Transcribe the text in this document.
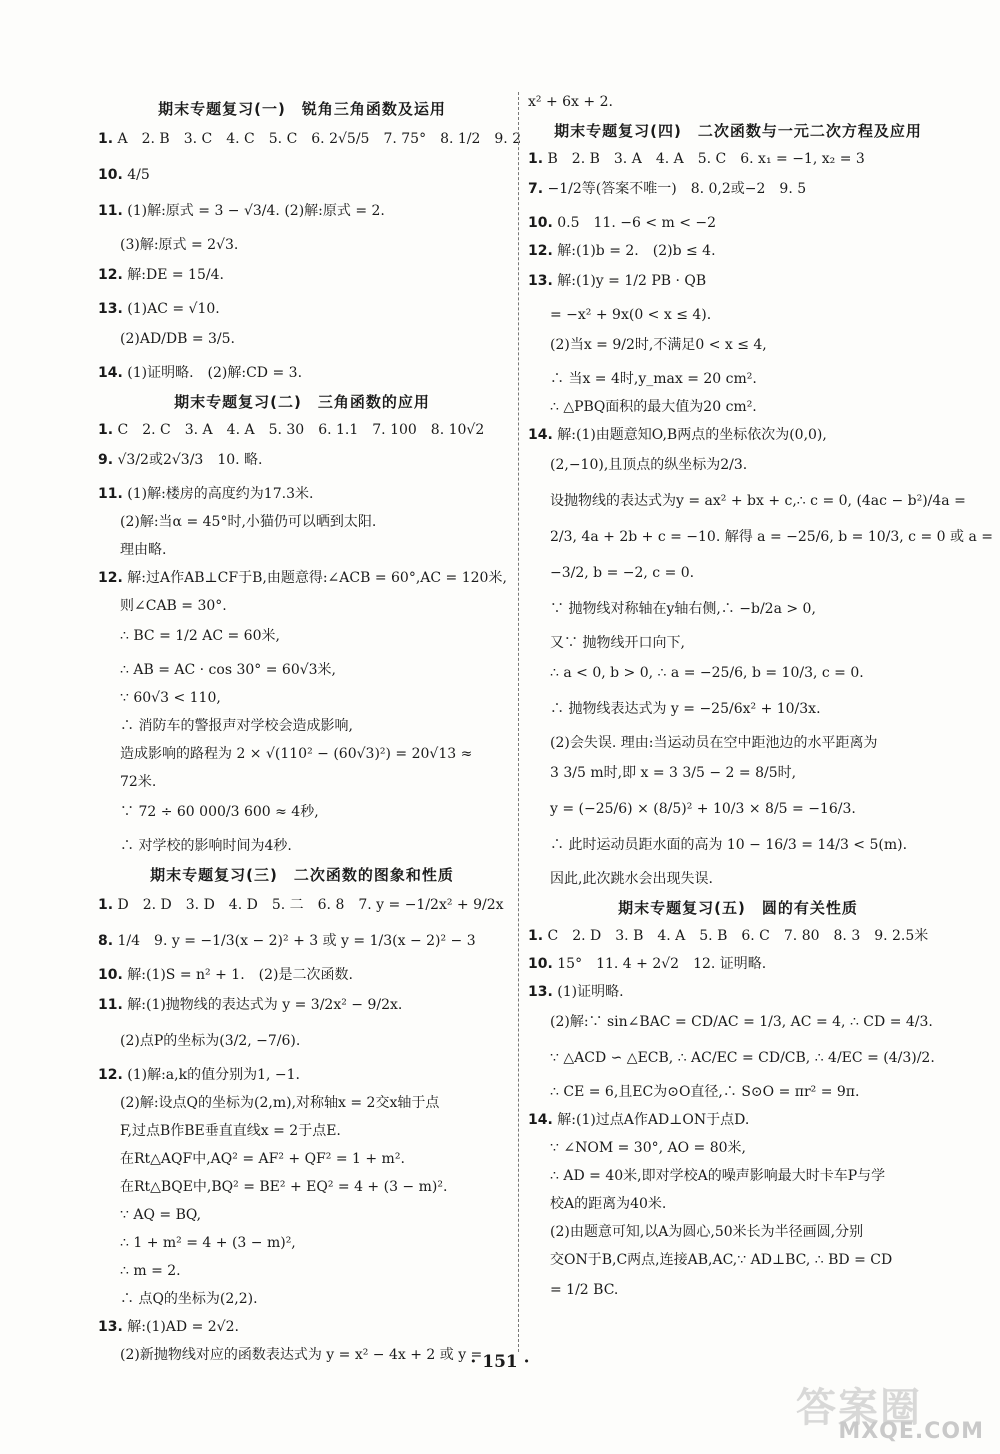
期末专题复习(一)　锐角三角函数及运用
1. A　2. B　3. C　4. C　5. C　6. 2√5/5　7. 75°　8. 1/2　9. 2
10. 4/5
11. (1)解:原式 = 3 − √3/4. (2)解:原式 = 2.
(3)解:原式 = 2√3.
12. 解:DE = 15/4.
13. (1)AC = √10.
(2)AD/DB = 3/5.
14. (1)证明略.　(2)解:CD = 3.
期末专题复习(二)　三角函数的应用
1. C　2. C　3. A　4. A　5. 30　6. 1.1　7. 100　8. 10√2
9. √3/2或2√3/3　10. 略.
11. (1)解:楼房的高度约为17.3米.
(2)解:当α = 45°时,小猫仍可以晒到太阳.
理由略.
12. 解:过A作AB⊥CF于B,由题意得:∠ACB = 60°,AC = 120米,
则∠CAB = 30°.
∴ BC = 1/2 AC = 60米,
∴ AB = AC · cos 30° = 60√3米,
∵ 60√3 < 110,
∴ 消防车的警报声对学校会造成影响,
造成影响的路程为 2 × √(110² − (60√3)²) = 20√13 ≈
72米.
∵ 72 ÷ 60 000/3 600 ≈ 4秒,
∴ 对学校的影响时间为4秒.
期末专题复习(三)　二次函数的图象和性质
1. D　2. D　3. D　4. D　5. 二　6. 8　7. y = −1/2x² + 9/2x
8. 1/4　9. y = −1/3(x − 2)² + 3 或 y = 1/3(x − 2)² − 3
10. 解:(1)S = n² + 1.　(2)是二次函数.
11. 解:(1)抛物线的表达式为 y = 3/2x² − 9/2x.
(2)点P的坐标为(3/2, −7/6).
12. (1)解:a,k的值分别为1, −1.
(2)解:设点Q的坐标为(2,m),对称轴x = 2交x轴于点
F,过点B作BE垂直直线x = 2于点E.
在Rt△AQF中,AQ² = AF² + QF² = 1 + m².
在Rt△BQE中,BQ² = BE² + EQ² = 4 + (3 − m)².
∵ AQ = BQ,
∴ 1 + m² = 4 + (3 − m)²,
∴ m = 2.
∴ 点Q的坐标为(2,2).
13. 解:(1)AD = 2√2.
(2)新抛物线对应的函数表达式为 y = x² − 4x + 2 或 y =
x² + 6x + 2.
期末专题复习(四)　二次函数与一元二次方程及应用
1. B　2. B　3. A　4. A　5. C　6. x₁ = −1, x₂ = 3
7. −1/2等(答案不唯一)　8. 0,2或−2　9. 5
10. 0.5　11. −6 < m < −2
12. 解:(1)b = 2.　(2)b ≤ 4.
13. 解:(1)y = 1/2 PB · QB
= −x² + 9x(0 < x ≤ 4).
(2)当x = 9/2时,不满足0 < x ≤ 4,
∴ 当x = 4时,y_max = 20 cm².
∴ △PBQ面积的最大值为20 cm².
14. 解:(1)由题意知O,B两点的坐标依次为(0,0),
(2,−10),且顶点的纵坐标为2/3.
设抛物线的表达式为y = ax² + bx + c,∴ c = 0, (4ac − b²)/4a =
2/3, 4a + 2b + c = −10. 解得 a = −25/6, b = 10/3, c = 0 或 a =
−3/2, b = −2, c = 0.
∵ 抛物线对称轴在y轴右侧,∴ −b/2a > 0,
又∵ 抛物线开口向下,
∴ a < 0, b > 0, ∴ a = −25/6, b = 10/3, c = 0.
∴ 抛物线表达式为 y = −25/6x² + 10/3x.
(2)会失误. 理由:当运动员在空中距池边的水平距离为
3 3/5 m时,即 x = 3 3/5 − 2 = 8/5时,
y = (−25/6) × (8/5)² + 10/3 × 8/5 = −16/3.
∴ 此时运动员距水面的高为 10 − 16/3 = 14/3 < 5(m).
因此,此次跳水会出现失误.
期末专题复习(五)　圆的有关性质
1. C　2. D　3. B　4. A　5. B　6. C　7. 80　8. 3　9. 2.5米
10. 15°　11. 4 + 2√2　12. 证明略.
13. (1)证明略.
(2)解:∵ sin∠BAC = CD/AC = 1/3, AC = 4, ∴ CD = 4/3.
∵ △ACD ∽ △ECB, ∴ AC/EC = CD/CB, ∴ 4/EC = (4/3)/2.
∴ CE = 6,且EC为⊙O直径,∴ S⊙O = πr² = 9π.
14. 解:(1)过点A作AD⊥ON于点D.
∵ ∠NOM = 30°, AO = 80米,
∴ AD = 40米,即对学校A的噪声影响最大时卡车P与学
校A的距离为40米.
(2)由题意可知,以A为圆心,50米长为半径画圆,分别
交ON于B,C两点,连接AB,AC,∵ AD⊥BC, ∴ BD = CD
= 1/2 BC.
· 151 ·
答案圈
MXQE.COM
